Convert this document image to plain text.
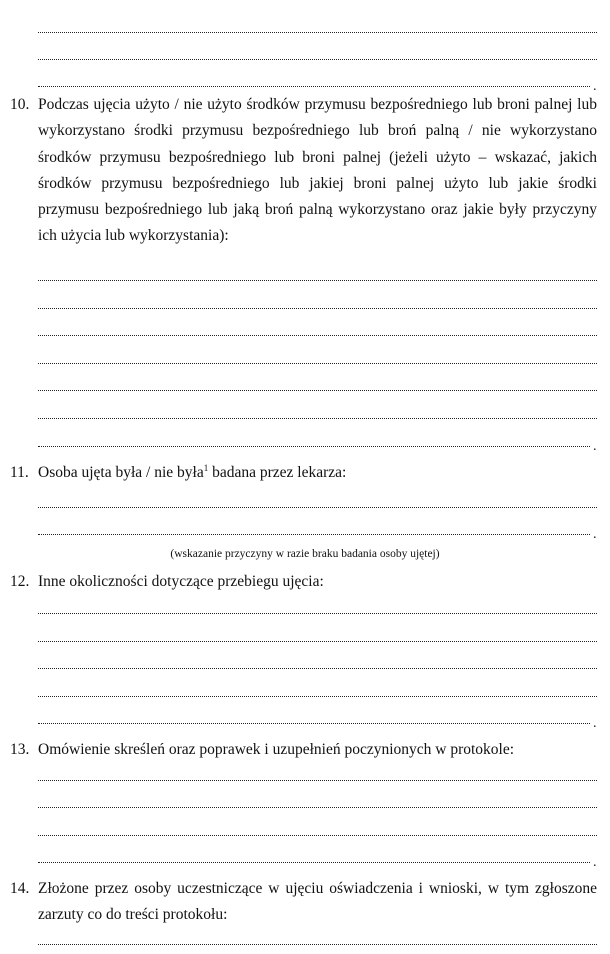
.
10. Podczas ujęcia użyto / nie użyto środków przymusu bezpośredniego lub broni palnej lub wykorzystano środki przymusu bezpośredniego lub broń palną / nie wykorzystano środków przymusu bezpośredniego lub broni palnej (jeżeli użyto – wskazać, jakich środków przymusu bezpośredniego lub jakiej broni palnej użyto lub jakie środki przymusu bezpośredniego lub jaką broń palną wykorzystano oraz jakie były przyczyny ich użycia lub wykorzystania):
.
11. Osoba ujęta była / nie była$^1$ badana przez lekarza:
.
(wskazanie przyczyny w razie braku badania osoby ujętej)
12. Inne okoliczności dotyczące przebiegu ujęcia:
.
13. Omówienie skreśleń oraz poprawek i uzupełnień poczynionych w protokole:
.
14. Złożone przez osoby uczestniczące w ujęciu oświadczenia i wnioski, w tym zgłoszone zarzuty co do treści protokołu:
